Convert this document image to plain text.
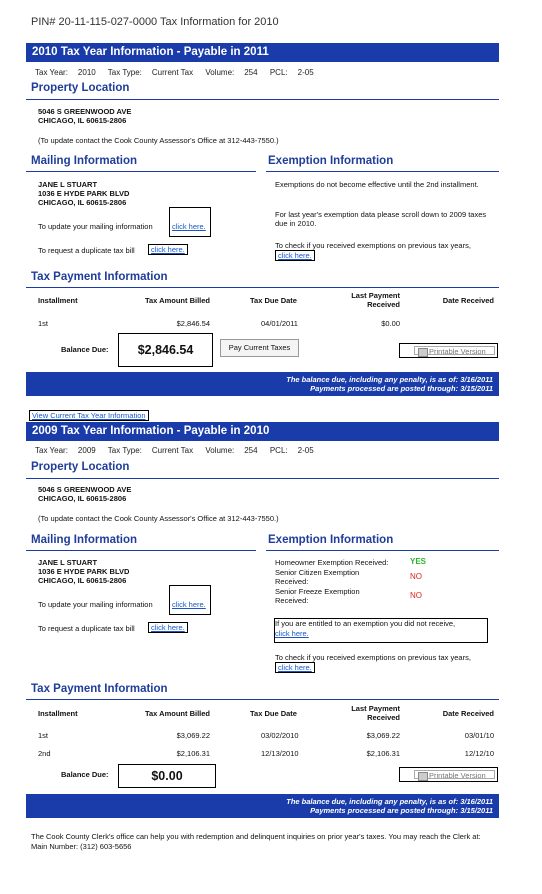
PIN# 20-11-115-027-0000 Tax Information for 2010
2010 Tax Year Information - Payable in 2011
Tax Year: 2010 Tax Type: Current Tax Volume: 254 PCL: 2-05
Property Location
5046 S GREENWOOD AVE
CHICAGO, IL 60615-2806
(To update contact the Cook County Assessor's Office at 312-443-7550.)
Mailing Information	Exemption Information
JANE L STUART
1036 E HYDE PARK BLVD
CHICAGO, IL 60615-2806
To update your mailing information	click here.
To request a duplicate tax bill	click here.
Exemptions do not become effective until the 2nd installment.
For last year's exemption data please scroll down to 2009 taxes due in 2010.
To check if you received exemptions on previous tax years, click here.
Tax Payment Information
Installment	Tax Amount Billed	Tax Due Date
Last Payment
Received	Date Received
1st	$2,846.54	04/01/2011	$0.00
Balance Due:	$2,846.54	Pay Current Taxes	Printable Version
The balance due, including any penalty, is as of: 3/16/2011
Payments processed are posted through: 3/15/2011
View Current Tax Year Information
2009 Tax Year Information - Payable in 2010
Tax Year: 2009 Tax Type: Current Tax Volume: 254 PCL: 2-05
Property Location
5046 S GREENWOOD AVE
CHICAGO, IL 60615-2806
(To update contact the Cook County Assessor's Office at 312-443-7550.)
Mailing Information	Exemption Information
JANE L STUART
1036 E HYDE PARK BLVD
CHICAGO, IL 60615-2806
To update your mailing information	click here.
To request a duplicate tax bill	click here.
Homeowner Exemption Received:	YES
Senior Citizen Exemption Received:
NO
Senior Freeze Exemption Received:
NO
If you are entitled to an exemption you did not receive,
click here.
To check if you received exemptions on previous tax years, click here.
Tax Payment Information
Installment	Tax Amount Billed	Tax Due Date
Last Payment
Received	Date Received
1st	$3,069.22	03/02/2010	$3,069.22	03/01/10
2nd	$2,106.31	12/13/2010	$2,106.31	12/12/10
Balance Due:	$0.00	Printable Version
The balance due, including any penalty, is as of: 3/16/2011
Payments processed are posted through: 3/15/2011
The Cook County Clerk's office can help you with redemption and delinquent inquiries on prior year's taxes. You may reach the Clerk at: Main Number: (312) 603-5656
